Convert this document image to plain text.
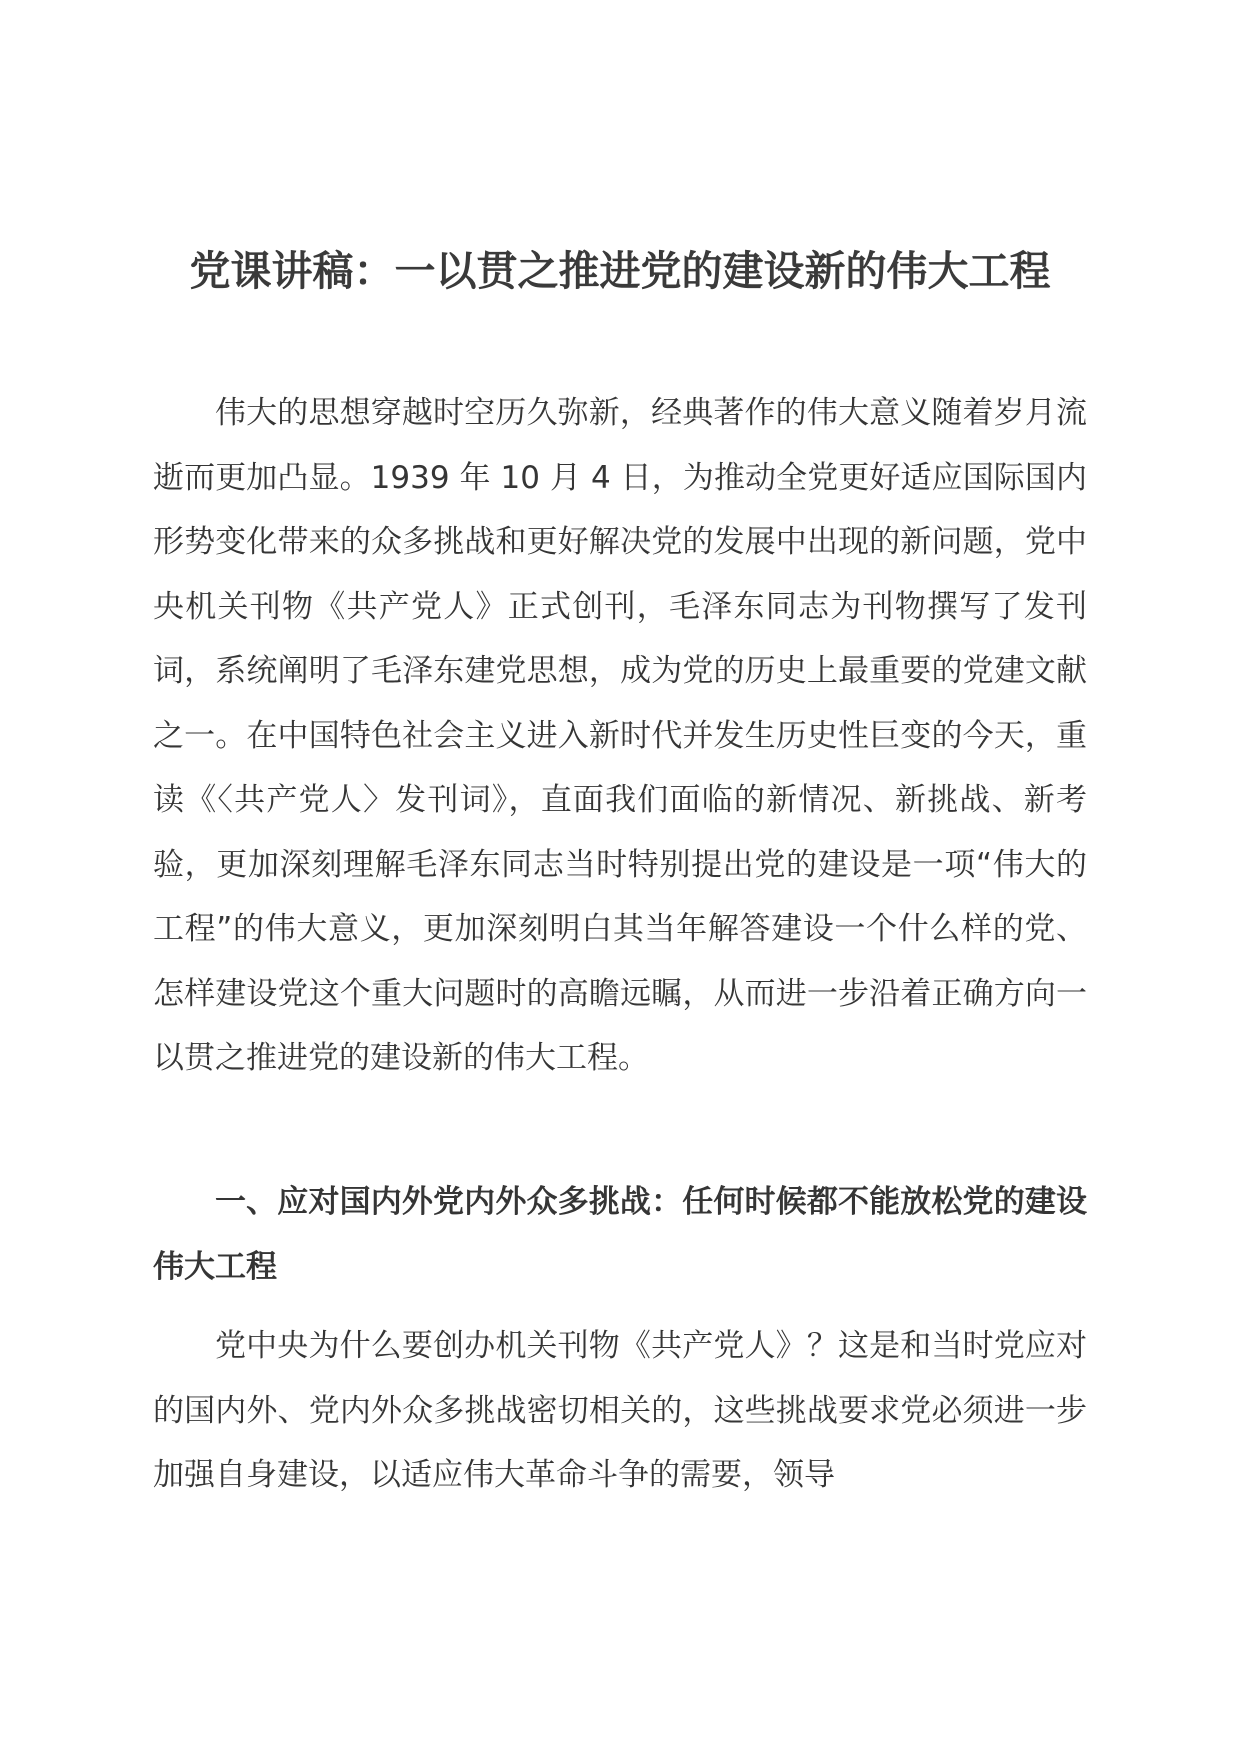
党课讲稿：一以贯之推进党的建设新的伟大工程

伟大的思想穿越时空历久弥新，经典著作的伟大意义随着岁月流逝而更加凸显。1939 年 10 月 4 日，为推动全党更好适应国际国内形势变化带来的众多挑战和更好解决党的发展中出现的新问题，党中央机关刊物《共产党人》正式创刊，毛泽东同志为刊物撰写了发刊词，系统阐明了毛泽东建党思想，成为党的历史上最重要的党建文献之一。在中国特色社会主义进入新时代并发生历史性巨变的今天，重读《〈共产党人〉发刊词》，直面我们面临的新情况、新挑战、新考验，更加深刻理解毛泽东同志当时特别提出党的建设是一项“伟大的工程”的伟大意义，更加深刻明白其当年解答建设一个什么样的党、怎样建设党这个重大问题时的高瞻远瞩，从而进一步沿着正确方向一以贯之推进党的建设新的伟大工程。

一、应对国内外党内外众多挑战：任何时候都不能放松党的建设伟大工程

党中央为什么要创办机关刊物《共产党人》？这是和当时党应对的国内外、党内外众多挑战密切相关的，这些挑战要求党必须进一步加强自身建设，以适应伟大革命斗争的需要，领导
